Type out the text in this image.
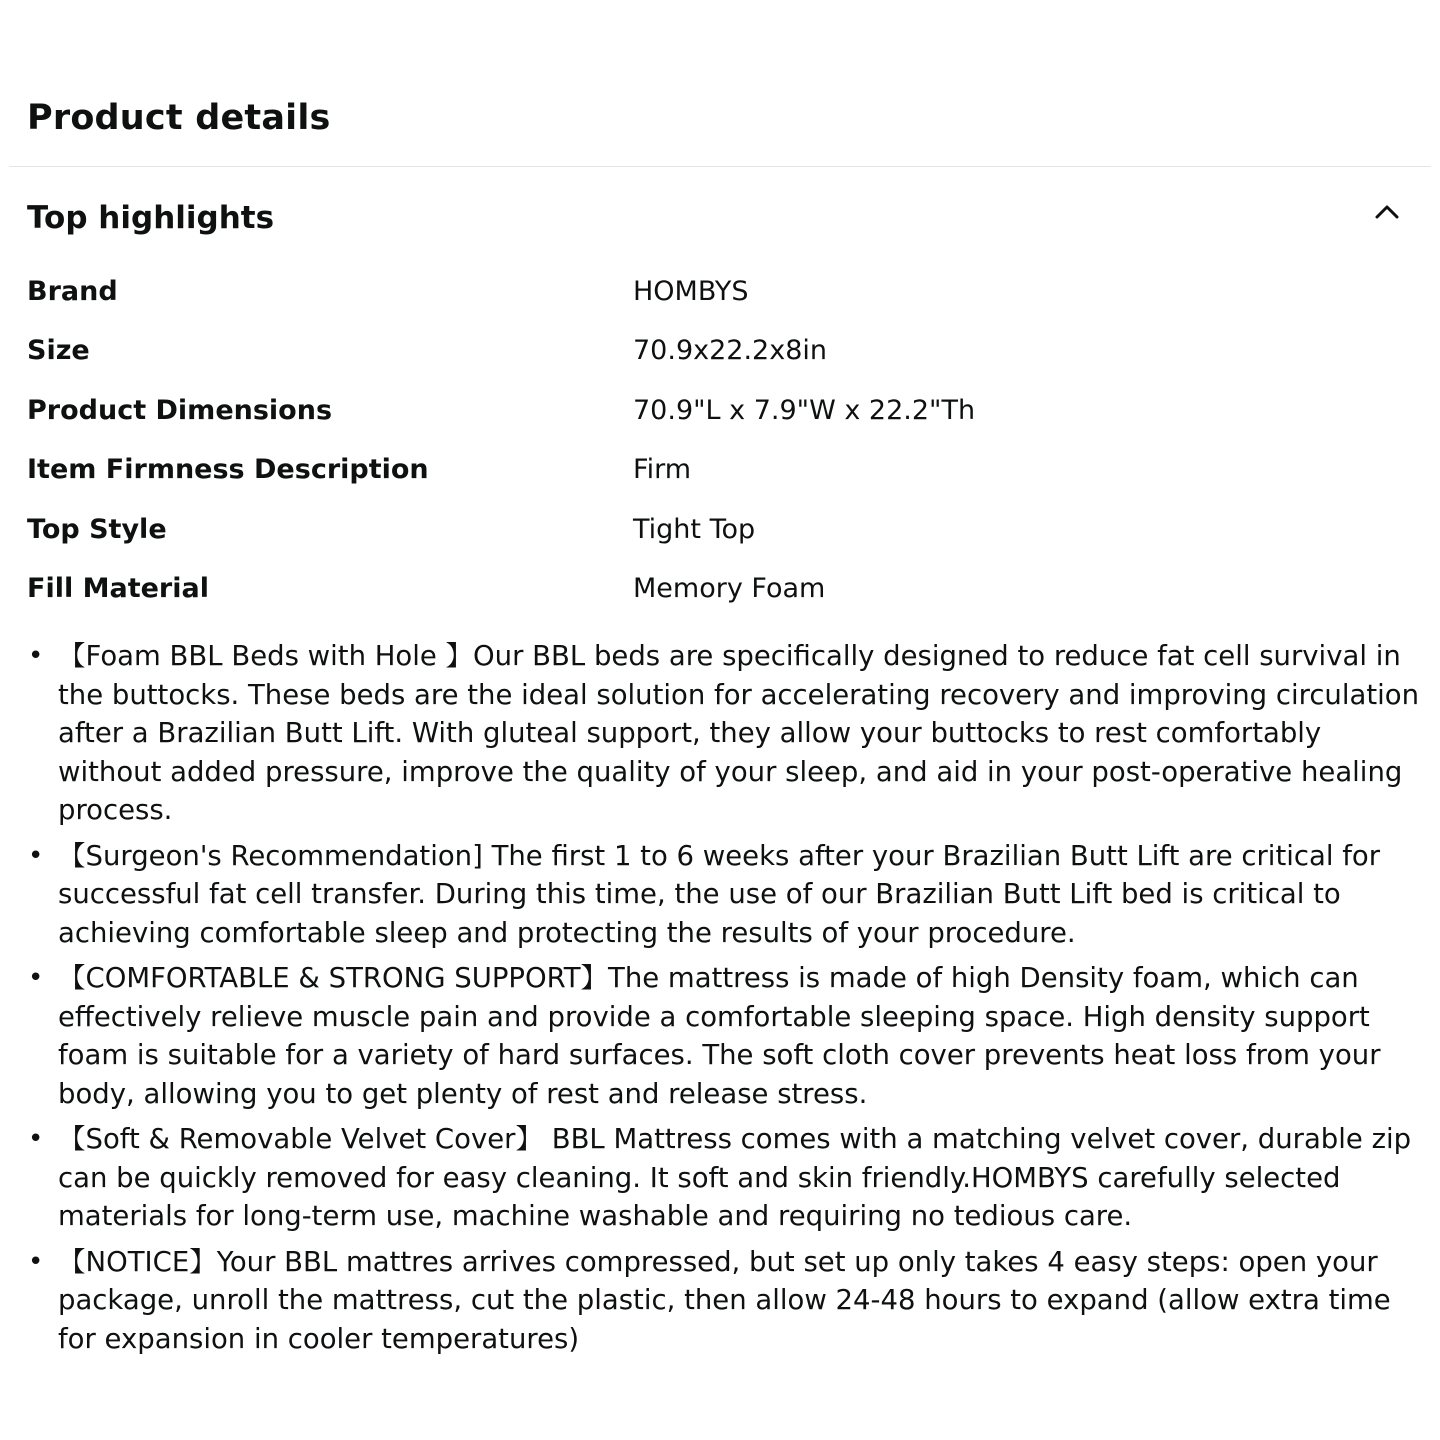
Product details
Top highlights
Brand	HOMBYS
Size	70.9x22.2x8in
Product Dimensions	70.9"L x 7.9"W x 22.2"Th
Item Firmness Description	Firm
Top Style	Tight Top
Fill Material	Memory Foam
• 【Foam BBL Beds with Hole 】Our BBL beds are specifically designed to reduce fat cell survival in the buttocks. These beds are the ideal solution for accelerating recovery and improving circulation after a Brazilian Butt Lift. With gluteal support, they allow your buttocks to rest comfortably without added pressure, improve the quality of your sleep, and aid in your post-operative healing process.
• 【Surgeon's Recommendation] The first 1 to 6 weeks after your Brazilian Butt Lift are critical for successful fat cell transfer. During this time, the use of our Brazilian Butt Lift bed is critical to achieving comfortable sleep and protecting the results of your procedure.
• 【COMFORTABLE & STRONG SUPPORT】The mattress is made of high Density foam, which can effectively relieve muscle pain and provide a comfortable sleeping space. High density support foam is suitable for a variety of hard surfaces. The soft cloth cover prevents heat loss from your body, allowing you to get plenty of rest and release stress.
• 【Soft & Removable Velvet Cover】 BBL Mattress comes with a matching velvet cover, durable zip can be quickly removed for easy cleaning. It soft and skin friendly.HOMBYS carefully selected materials for long-term use, machine washable and requiring no tedious care.
• 【NOTICE】Your BBL mattres arrives compressed, but set up only takes 4 easy steps: open your package, unroll the mattress, cut the plastic, then allow 24-48 hours to expand (allow extra time for expansion in cooler temperatures)
